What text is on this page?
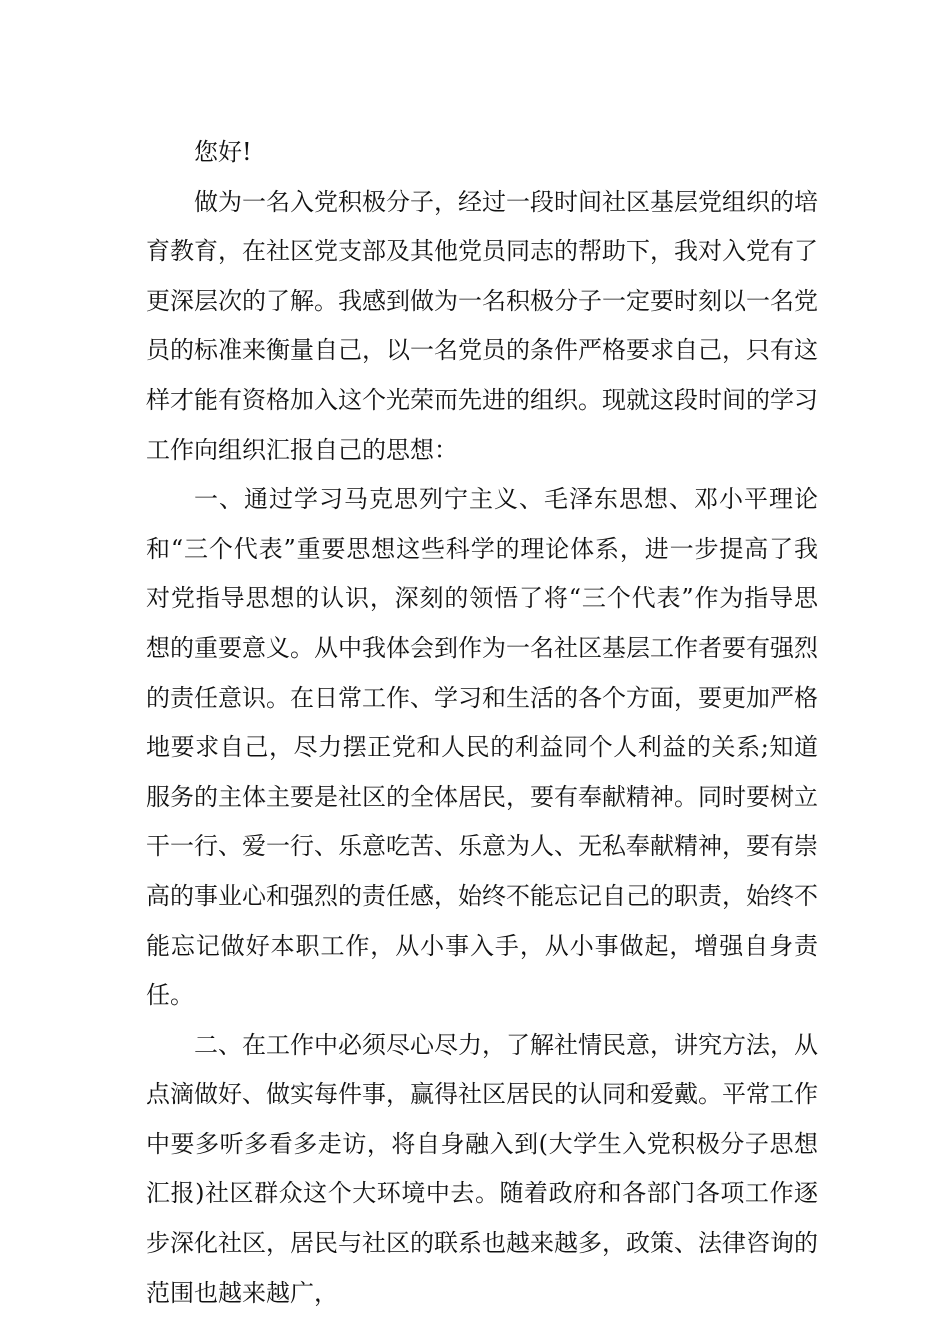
您好!

做为一名入党积极分子，经过一段时间社区基层党组织的培育教育，在社区党支部及其他党员同志的帮助下，我对入党有了更深层次的了解。我感到做为一名积极分子一定要时刻以一名党员的标准来衡量自己，以一名党员的条件严格要求自己，只有这样才能有资格加入这个光荣而先进的组织。现就这段时间的学习工作向组织汇报自己的思想：

一、通过学习马克思列宁主义、毛泽东思想、邓小平理论和“三个代表”重要思想这些科学的理论体系，进一步提高了我对党指导思想的认识，深刻的领悟了将“三个代表”作为指导思想的重要意义。从中我体会到作为一名社区基层工作者要有强烈的责任意识。在日常工作、学习和生活的各个方面，要更加严格地要求自己，尽力摆正党和人民的利益同个人利益的关系;知道服务的主体主要是社区的全体居民，要有奉献精神。同时要树立干一行、爱一行、乐意吃苦、乐意为人、无私奉献精神，要有崇高的事业心和强烈的责任感，始终不能忘记自己的职责，始终不能忘记做好本职工作，从小事入手，从小事做起，增强自身责任。

二、在工作中必须尽心尽力，了解社情民意，讲究方法，从点滴做好、做实每件事，赢得社区居民的认同和爱戴。平常工作中要多听多看多走访，将自身融入到(大学生入党积极分子思想汇报)社区群众这个大环境中去。随着政府和各部门各项工作逐步深化社区，居民与社区的联系也越来越多，政策、法律咨询的范围也越来越广，
